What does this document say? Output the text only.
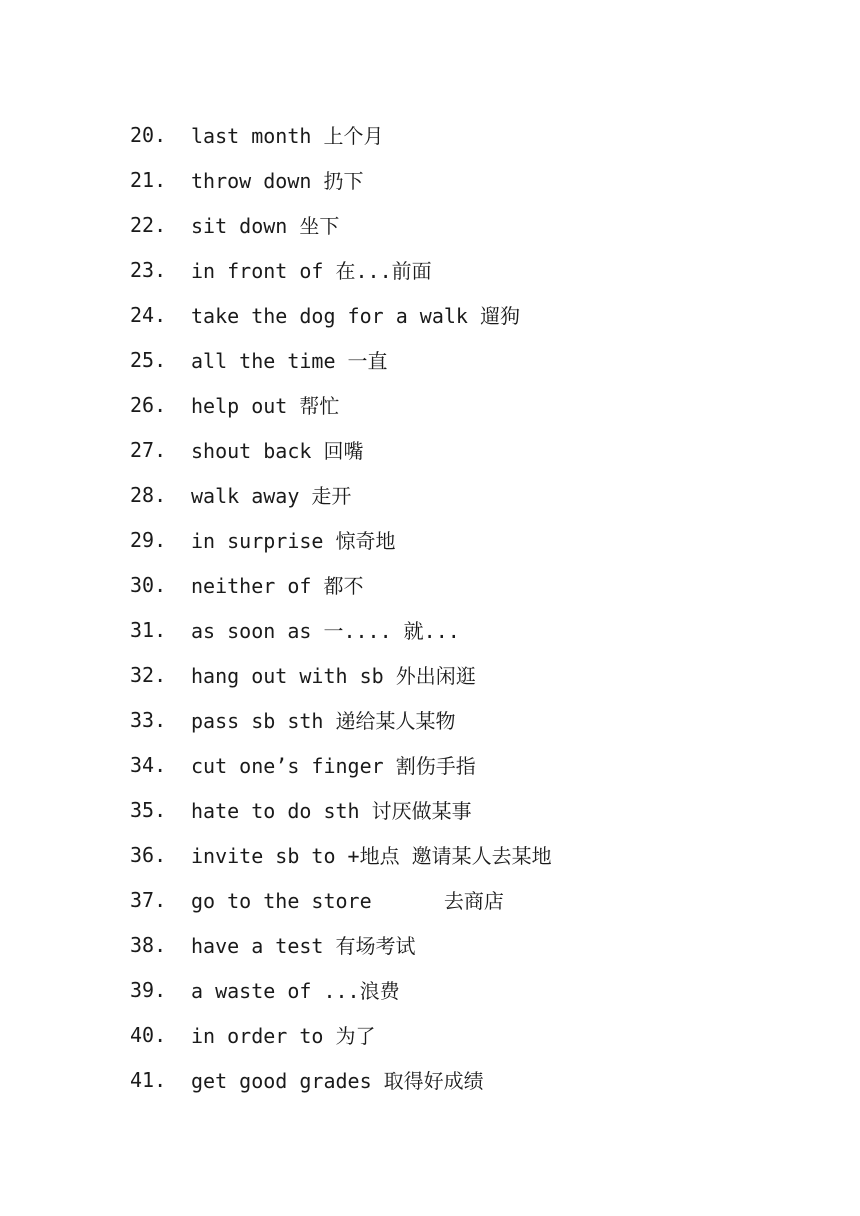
20.	last month 上个月
21.	throw down 扔下
22.	sit down 坐下
23.	in front of 在...前面
24.	take the dog for a walk 遛狗
25.	all the time 一直
26.	help out 帮忙
27.	shout back 回嘴
28.	walk away 走开
29.	in surprise 惊奇地
30.	neither of 都不
31.	as soon as 一.... 就...
32.	hang out with sb 外出闲逛
33.	pass sb sth 递给某人某物
34.	cut one’s finger 割伤手指
35.	hate to do sth 讨厌做某事
36.	invite sb to +地点 邀请某人去某地
37.	go to the store      去商店
38.	have a test 有场考试
39.	a waste of ...浪费
40.	in order to 为了
41.	get good grades 取得好成绩
